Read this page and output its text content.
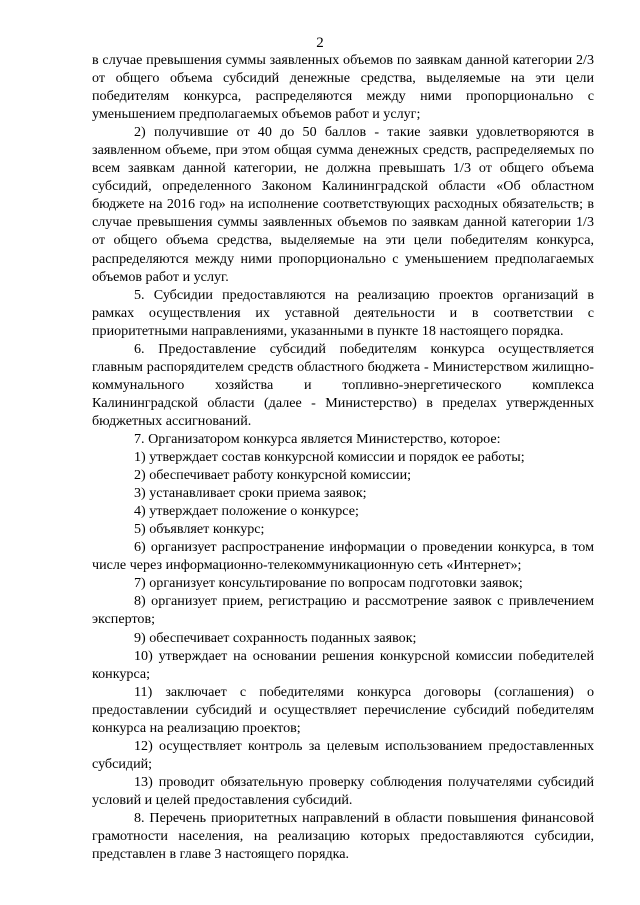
2

в случае превышения суммы заявленных объемов по заявкам данной категории 2/3 от общего объема субсидий денежные средства, выделяемые на эти цели победителям конкурса, распределяются между ними пропорционально с уменьшением предполагаемых объемов работ и услуг;

2) получившие от 40 до 50 баллов - такие заявки удовлетворяются в заявленном объеме, при этом общая сумма денежных средств, распределяемых по всем заявкам данной категории, не должна превышать 1/3 от общего объема субсидий, определенного Законом Калининградской области «Об областном бюджете на 2016 год» на исполнение соответствующих расходных обязательств; в случае превышения суммы заявленных объемов по заявкам данной категории 1/3 от общего объема средства, выделяемые на эти цели победителям конкурса, распределяются между ними пропорционально с уменьшением предполагаемых объемов работ и услуг.

5. Субсидии предоставляются на реализацию проектов организаций в рамках осуществления их уставной деятельности и в соответствии с приоритетными направлениями, указанными в пункте 18 настоящего порядка.

6. Предоставление субсидий победителям конкурса осуществляется главным распорядителем средств областного бюджета - Министерством жилищно-коммунального хозяйства и топливно-энергетического комплекса Калининградской области (далее - Министерство) в пределах утвержденных бюджетных ассигнований.

7. Организатором конкурса является Министерство, которое:

1) утверждает состав конкурсной комиссии и порядок ее работы;

2) обеспечивает работу конкурсной комиссии;

3) устанавливает сроки приема заявок;

4) утверждает положение о конкурсе;

5) объявляет конкурс;

6) организует распространение информации о проведении конкурса, в том числе через информационно-телекоммуникационную сеть «Интернет»;

7) организует консультирование по вопросам подготовки заявок;

8) организует прием, регистрацию и рассмотрение заявок с привлечением экспертов;

9) обеспечивает сохранность поданных заявок;

10) утверждает на основании решения конкурсной комиссии победителей конкурса;

11) заключает с победителями конкурса договоры (соглашения) о предоставлении субсидий и осуществляет перечисление субсидий победителям конкурса на реализацию проектов;

12) осуществляет контроль за целевым использованием предоставленных субсидий;

13) проводит обязательную проверку соблюдения получателями субсидий условий и целей предоставления субсидий.

8. Перечень приоритетных направлений в области повышения финансовой грамотности населения, на реализацию которых предоставляются субсидии, представлен в главе 3 настоящего порядка.
